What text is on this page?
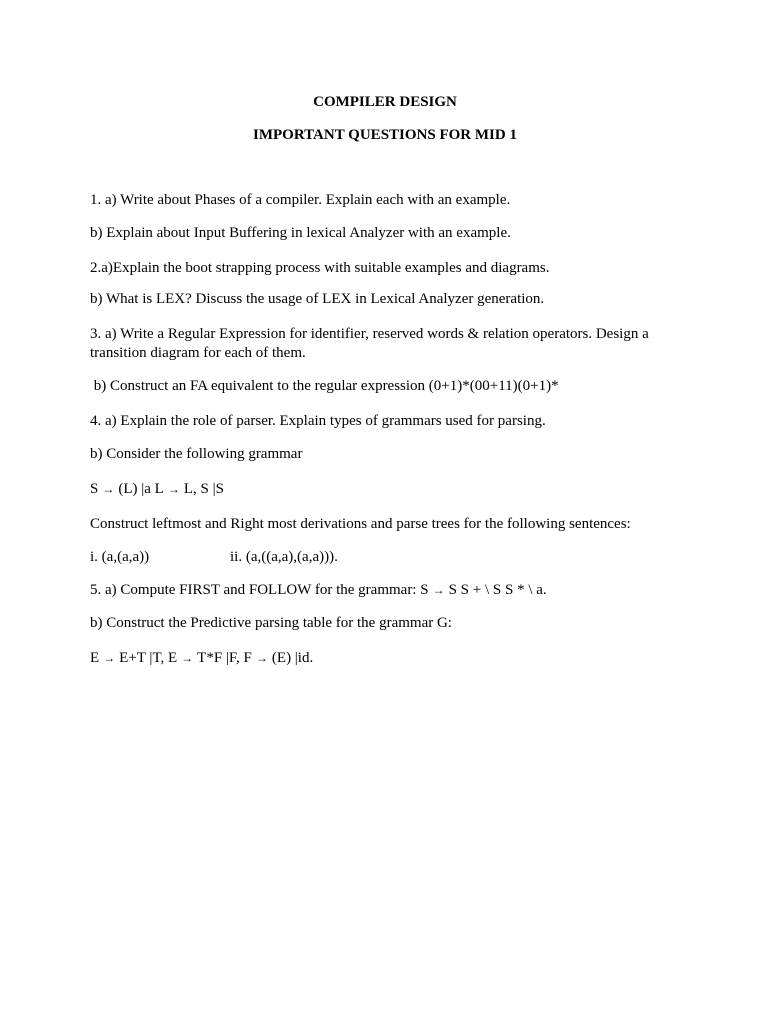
COMPILER DESIGN

IMPORTANT QUESTIONS FOR MID 1

1. a) Write about Phases of a compiler. Explain each with an example.

b) Explain about Input Buffering in lexical Analyzer with an example.

2.a)Explain the boot strapping process with suitable examples and diagrams.

b) What is LEX? Discuss the usage of LEX in Lexical Analyzer generation.

3. a) Write a Regular Expression for identifier, reserved words & relation operators. Design a transition diagram for each of them.

b) Construct an FA equivalent to the regular expression (0+1)*(00+11)(0+1)*

4. a) Explain the role of parser. Explain types of grammars used for parsing.

b) Consider the following grammar

S → (L) |a L → L, S |S

Construct leftmost and Right most derivations and parse trees for the following sentences:

i. (a,(a,a))	ii. (a,((a,a),(a,a))).

5. a) Compute FIRST and FOLLOW for the grammar: S → S S + \ S S * \ a.

b) Construct the Predictive parsing table for the grammar G:

E → E+T |T, E → T*F |F, F → (E) |id.
